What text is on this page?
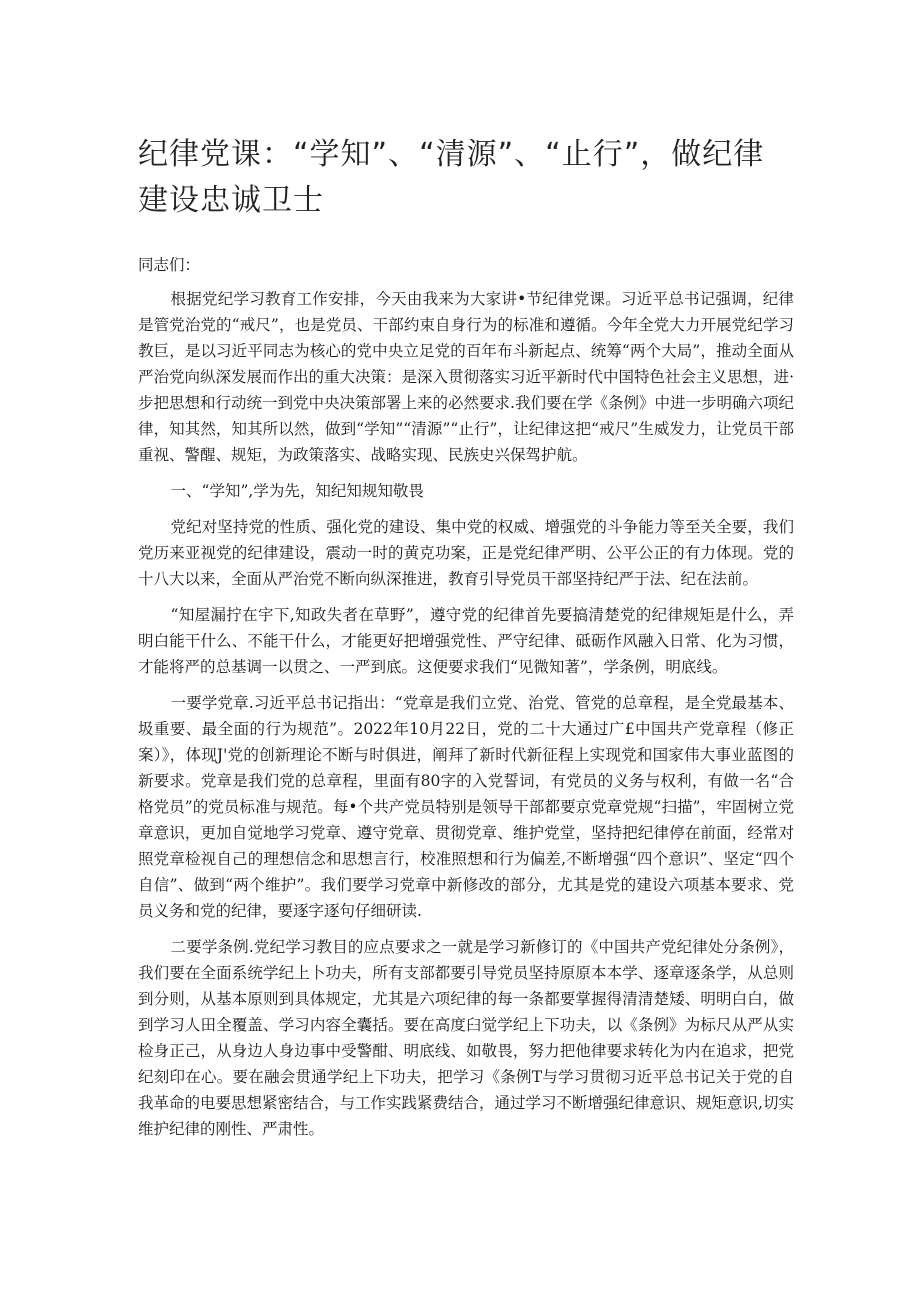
纪律党课：“学知”、“清源”、“止行”，做纪律建设忠诚卫士

同志们：

根据党纪学习教育工作安排，今天由我来为大家讲•节纪律党课。习近平总书记强调，纪律是管党治党的“戒尺”，也是党员、干部约束自身行为的标准和遵循。今年全党大力开展党纪学习教巨，是以习近平同志为核心的党中央立足党的百年布斗新起点、统筹“两个大局”，推动全面从严治党向纵深发展而作出的重大决策：是深入贯彻落实习近平新时代中国特色社会主义思想，进·步把思想和行动统一到党中央决策部署上来的必然要求.我们要在学《条例》中进一步明确六项纪律，知其然，知其所以然，做到“学知”“清源”“止行”，让纪律这把“戒尺”生威发力，让党员干部重视、警醒、规矩，为政策落实、战略实现、民族史兴保驾护航。

一、“学知”,学为先，知纪知规知敬畏

党纪对坚持党的性质、强化党的建设、集中党的权威、增强党的斗争能力等至关全要，我们党历来亚视党的纪律建设，震动一时的黄克功案，正是党纪律严明、公平公正的有力体现。党的十八大以来，全面从严治党不断向纵深推进，教育引导党员干部坚持纪严于法、纪在法前。

“知屋漏拧在宇下,知政失者在草野”，遵守党的纪律首先要搞清楚党的纪律规矩是什么，弄明白能干什么、不能干什么，才能更好把增强党性、严守纪律、砥砺作风融入日常、化为习惯，才能将严的总基调一以贯之、一严到底。这便要求我们“见微知著”，学条例，明底线。

一要学党章.习近平总书记指出：“党章是我们立党、治党、管党的总章程，是全党最基本、圾重要、最全面的行为规范”。2022年10月22日，党的二十大通过广£中国共产党章程（修正案）》，体现J'党的创新理论不断与时俱进，阐拜了新时代新征程上实现党和国家伟大事业蓝图的新要求。党章是我们党的总章程，里面有80字的入党誓词，有党员的义务与权利，有做一名“合格党员”的党员标准与规范。每•个共产党员特别是领导干部都要京党章党规“扫描”，牢固树立党章意识，更加自觉地学习党章、遵守党章、贯彻党章、维护党堂，坚持把纪律停在前面，经常对照党章检视自己的理想信念和思想言行，校准照想和行为偏差,不断增强“四个意识”、坚定“四个自信”、做到“两个维护”。我们要学习党章中新修改的部分，尤其是党的建设六项基本要求、党员义务和党的纪律，要逐字逐句仔细研读.

二要学条例.党纪学习教目的应点要求之一就是学习新修订的《中国共产党纪律处分条例》，我们要在全面系统学纪上卜功夫，所有支部都要引导党员坚持原原本本学、逐章逐条学，从总则到分则，从基本原则到具体规定，尤其是六项纪律的每一条都要掌握得清清楚矮、明明白白，做到学习人田全覆盖、学习内容全囊括。要在高度臼觉学纪上下功夫，以《条例》为标尺从严从实检身正己，从身边人身边事中受警酣、明底线、如敬畏，努力把他律要求转化为内在追求，把党纪刻印在心。要在融会贯通学纪上下功夫，把学习《条例T与学习贯彻习近平总书记关于党的自我革命的电要思想紧密结合，与工作实践紧费结合，通过学习不断增强纪律意识、规矩意识,切实维护纪律的刚性、严肃性。
